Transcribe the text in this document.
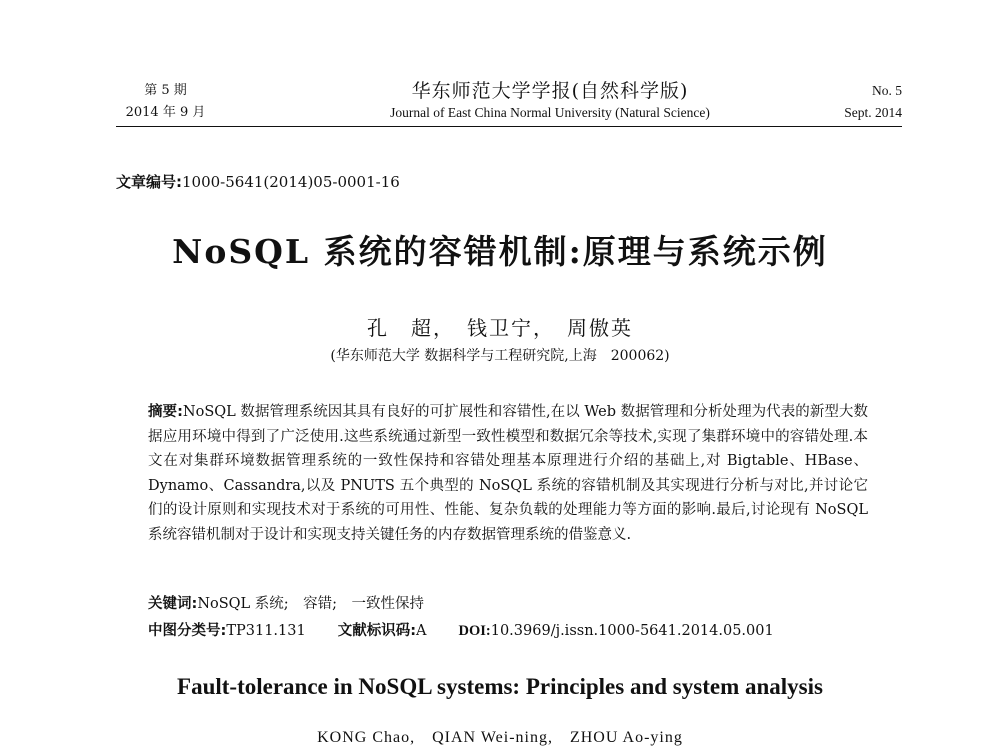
第 5 期
2014 年 9 月
华东师范大学学报(自然科学版)
Journal of East China Normal University (Natural Science)
No. 5
Sept. 2014
文章编号:1000-5641(2014)05-0001-16
NoSQL 系统的容错机制:原理与系统示例
孔　超，　钱卫宁，　周傲英
(华东师范大学 数据科学与工程研究院,上海　200062)
摘要:NoSQL 数据管理系统因其具有良好的可扩展性和容错性,在以 Web 数据管理和分析处理为代表的新型大数据应用环境中得到了广泛使用.这些系统通过新型一致性模型和数据冗余等技术,实现了集群环境中的容错处理.本文在对集群环境数据管理系统的一致性保持和容错处理基本原理进行介绍的基础上,对 Bigtable、HBase、Dynamo、Cassandra,以及 PNUTS 五个典型的 NoSQL 系统的容错机制及其实现进行分析与对比,并讨论它们的设计原则和实现技术对于系统的可用性、性能、复杂负载的处理能力等方面的影响.最后,讨论现有 NoSQL 系统容错机制对于设计和实现支持关键任务的内存数据管理系统的借鉴意义.
关键词:NoSQL 系统;　容错;　一致性保持
中图分类号:TP311.131 文献标识码:A DOI:10.3969/j.issn.1000-5641.2014.05.001
Fault-tolerance in NoSQL systems: Principles and system analysis
KONG Chao,　QIAN Wei-ning,　ZHOU Ao-ying
